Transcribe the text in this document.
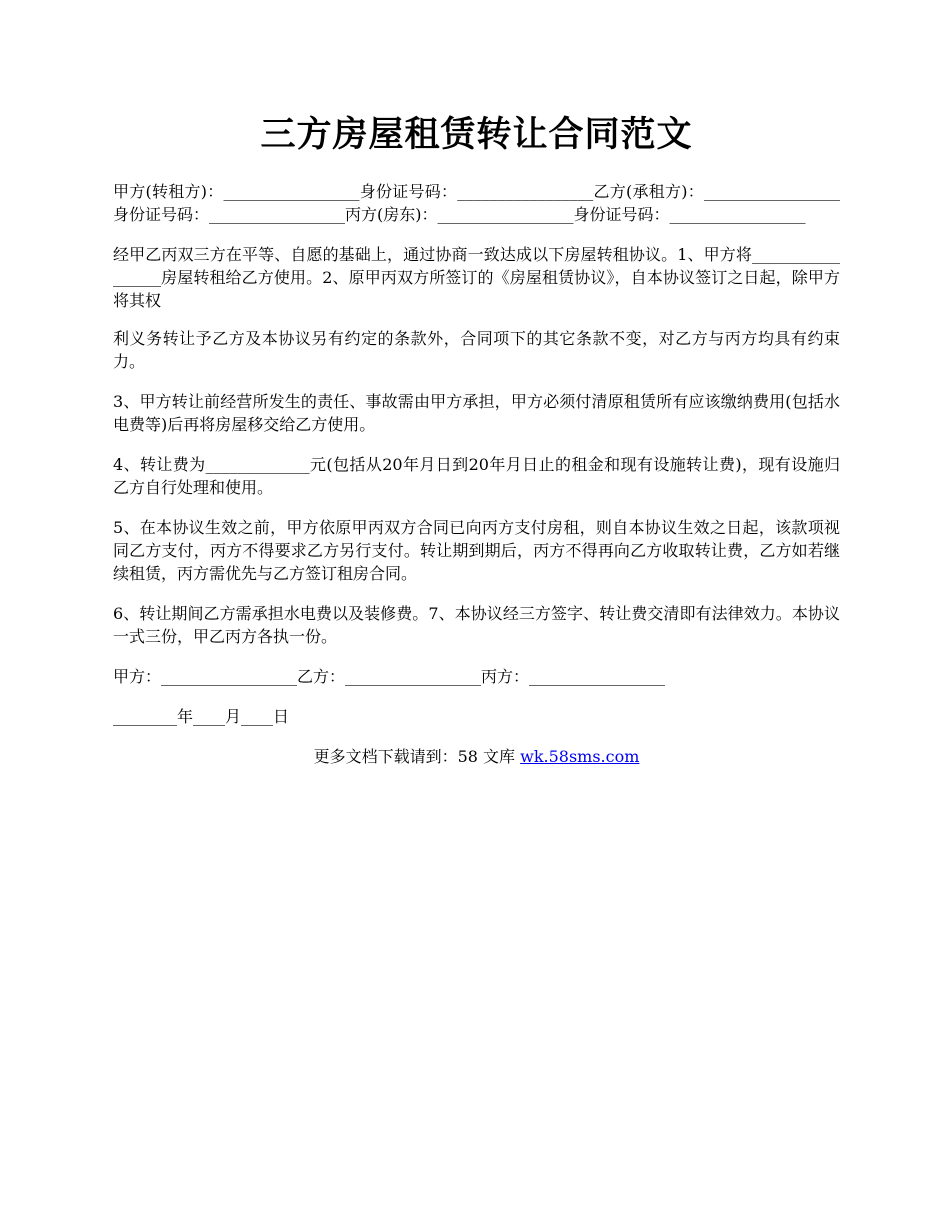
三方房屋租赁转让合同范文

甲方(转租方)：_________________身份证号码：_________________乙方(承租方)：_________________身份证号码：_________________丙方(房东)：_________________身份证号码：_________________

经甲乙丙双三方在平等、自愿的基础上，通过协商一致达成以下房屋转租协议。1、甲方将_________________房屋转租给乙方使用。2、原甲丙双方所签订的《房屋租赁协议》，自本协议签订之日起，除甲方将其权

利义务转让予乙方及本协议另有约定的条款外，合同项下的其它条款不变，对乙方与丙方均具有约束力。

3、甲方转让前经营所发生的责任、事故需由甲方承担，甲方必须付清原租赁所有应该缴纳费用(包括水电费等)后再将房屋移交给乙方使用。

4、转让费为_____________元(包括从20年月日到20年月日止的租金和现有设施转让费)，现有设施归乙方自行处理和使用。

5、在本协议生效之前，甲方依原甲丙双方合同已向丙方支付房租，则自本协议生效之日起，该款项视同乙方支付，丙方不得要求乙方另行支付。转让期到期后，丙方不得再向乙方收取转让费，乙方如若继续租赁，丙方需优先与乙方签订租房合同。

6、转让期间乙方需承担水电费以及装修费。7、本协议经三方签字、转让费交清即有法律效力。本协议一式三份，甲乙丙方各执一份。

甲方：_________________乙方：_________________丙方：_________________

________年____月____日

更多文档下载请到：58 文库 wk.58sms.com
